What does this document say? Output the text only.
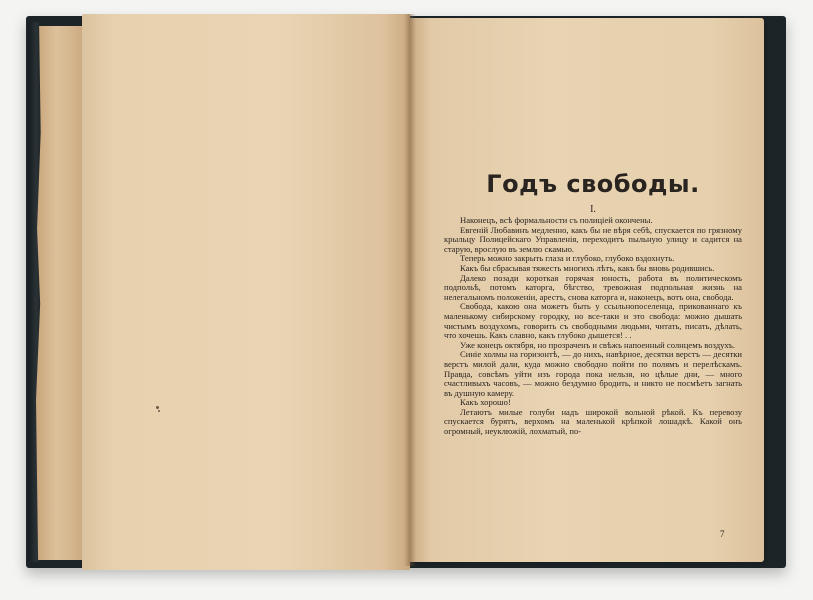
Годъ свободы.
I.

Наконецъ, всѣ формальности съ полиціей окончены.

Евгеній Любавинъ медленно, какъ бы не вѣря себѣ, спускается по грязному крыльцу Полицейскаго Управленія, переходитъ пыльную улицу и садится на старую, врослую въ землю скамью.

Теперь можно закрыть глаза и глубоко, глубоко вздохнуть.

Какъ бы сбрасывая тяжесть многихъ лѣтъ, какъ бы вновь родившись.

Далеко позади короткая горячая юность, работа въ политическомъ подпольѣ, потомъ каторга, бѣгство, тревожная подпольная жизнь на нелегальномъ положеніи, арестъ, снова каторга и, наконецъ, вотъ она, свобода.

Свобода, какою она можетъ быть у ссыльнопоселенца, прикованнаго къ маленькому сибирскому городку, но все-таки и это свобода: можно дышать чистымъ воздухомъ, говорить съ свободными людьми, читать, писать, дѣлать, что хочешь. Какъ славно, какъ глубоко дышется! . .

Уже конецъ октября, но прозраченъ и свѣжъ напоенный солнцемъ воздухъ.

Синіе холмы на горизонтѣ, — до нихъ, навѣрное, десятки верстъ — десятки верстъ милой дали, куда можно свободно пойти по полямъ и перелѣскамъ. Правда, совсѣмъ уйти изъ города пока нельзя, но цѣлые дни, — много счастливыхъ часовъ, — можно бездумно бродить, и никто не посмѣетъ загнать въ душную камеру.

Какъ хорошо!

Летаютъ милые голуби надъ широкой вольной рѣкой. Къ перевозу спускается бурятъ, верхомъ на маленькой крѣпкой лошадкѣ. Какой онъ огромный, неуклюжій, лохматый, по-

7
